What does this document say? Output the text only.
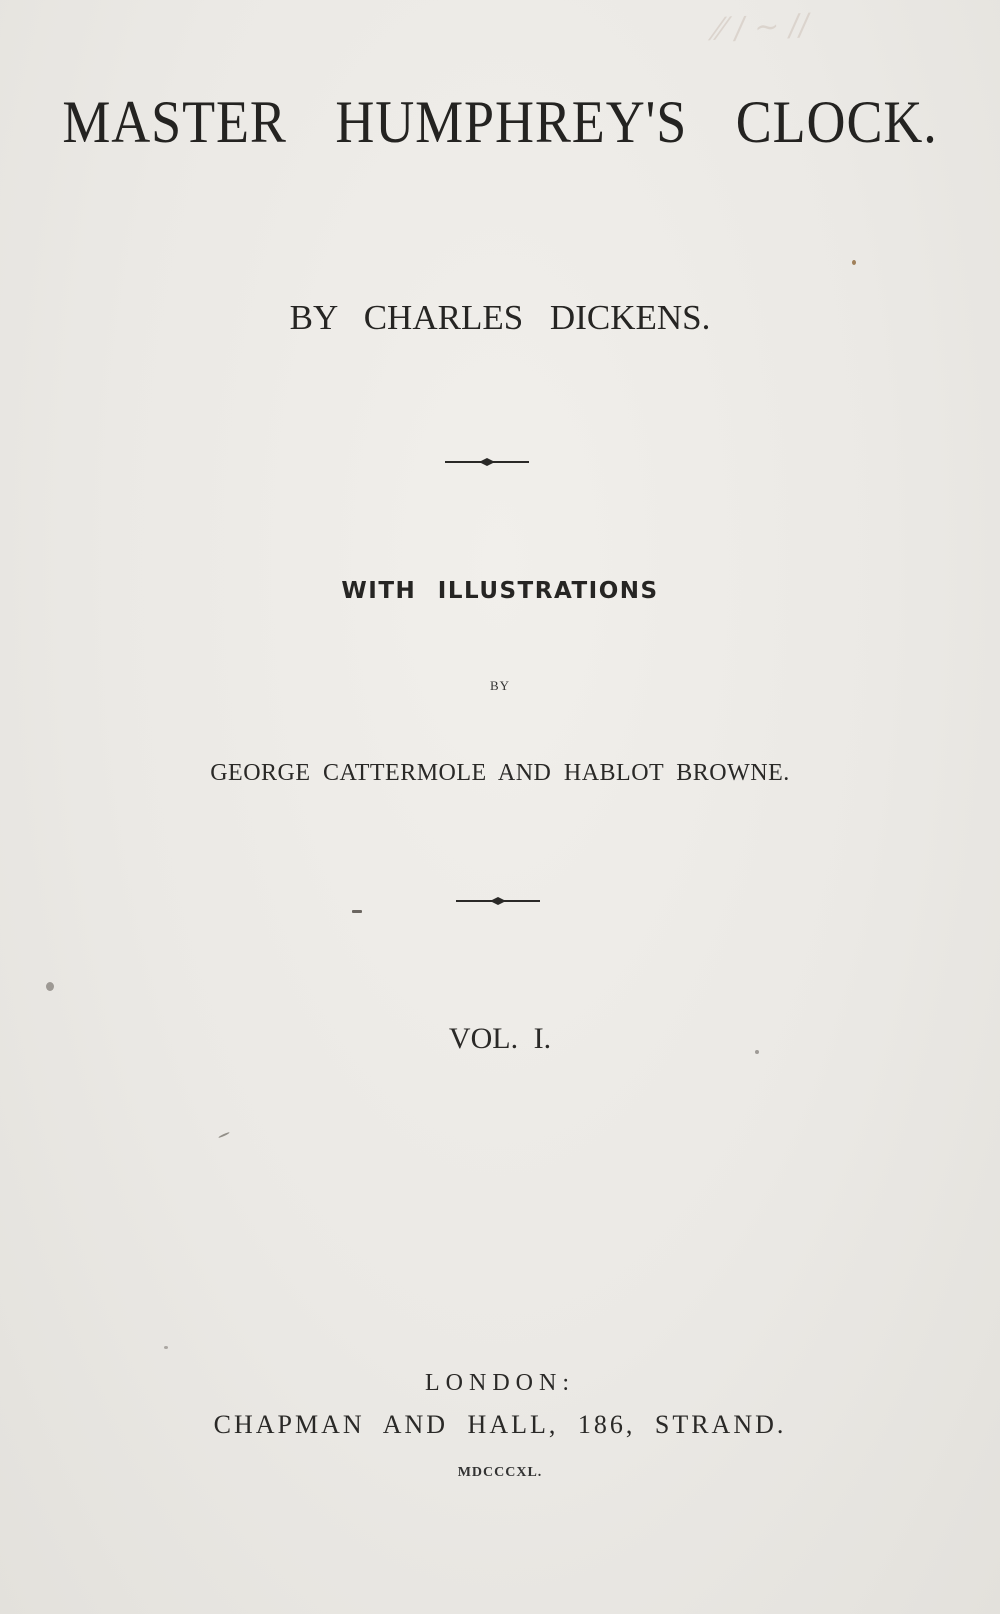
⁄⁄ ∕ ~ ∕∕
MASTER HUMPHREY'S CLOCK.
BY CHARLES DICKENS.
WITH ILLUSTRATIONS
BY
GEORGE CATTERMOLE AND HABLOT BROWNE.
VOL. I.
LONDON:
CHAPMAN AND HALL, 186, STRAND.
MDCCCXL.
